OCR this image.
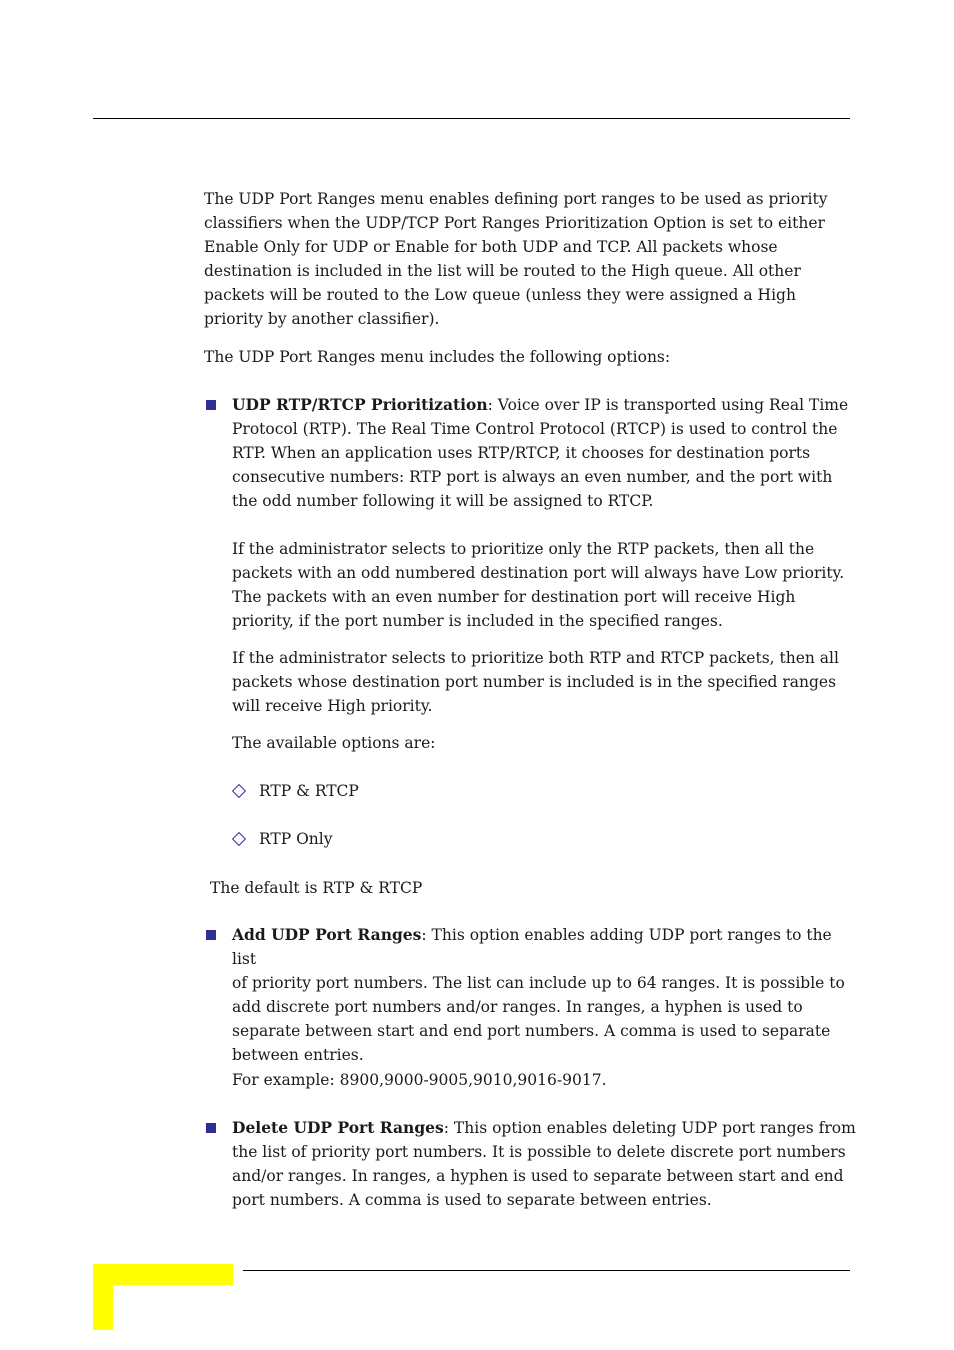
The UDP Port Ranges menu enables defining port ranges to be used as priority
classifiers when the UDP/TCP Port Ranges Prioritization Option is set to either
Enable Only for UDP or Enable for both UDP and TCP. All packets whose
destination is included in the list will be routed to the High queue. All other
packets will be routed to the Low queue (unless they were assigned a High
priority by another classifier).

The UDP Port Ranges menu includes the following options:

UDP RTP/RTCP Prioritization: Voice over IP is transported using Real Time
Protocol (RTP). The Real Time Control Protocol (RTCP) is used to control the
RTP. When an application uses RTP/RTCP, it chooses for destination ports
consecutive numbers: RTP port is always an even number, and the port with
the odd number following it will be assigned to RTCP.

If the administrator selects to prioritize only the RTP packets, then all the
packets with an odd numbered destination port will always have Low priority.
The packets with an even number for destination port will receive High
priority, if the port number is included in the specified ranges.

If the administrator selects to prioritize both RTP and RTCP packets, then all
packets whose destination port number is included is in the specified ranges
will receive High priority.

The available options are:

RTP & RTCP

RTP Only

The default is RTP & RTCP

Add UDP Port Ranges: This option enables adding UDP port ranges to the list
of priority port numbers. The list can include up to 64 ranges. It is possible to
add discrete port numbers and/or ranges. In ranges, a hyphen is used to
separate between start and end port numbers. A comma is used to separate
between entries.

For example: 8900,9000-9005,9010,9016-9017.

Delete UDP Port Ranges: This option enables deleting UDP port ranges from
the list of priority port numbers. It is possible to delete discrete port numbers
and/or ranges. In ranges, a hyphen is used to separate between start and end
port numbers. A comma is used to separate between entries.
